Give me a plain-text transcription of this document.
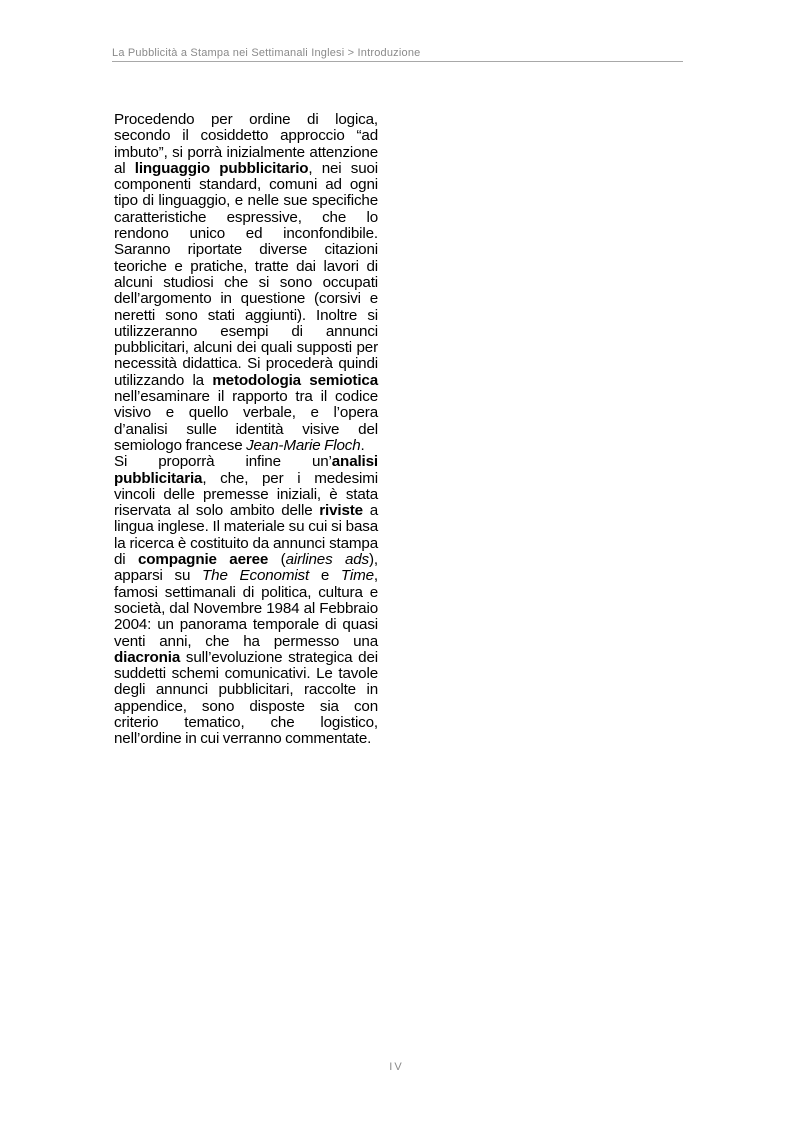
La Pubblicità a Stampa nei Settimanali Inglesi > Introduzione

Procedendo per ordine di logica, secondo il cosiddetto approccio “ad imbuto”, si porrà inizialmente attenzione al linguaggio pubblicitario, nei suoi componenti standard, comuni ad ogni tipo di linguaggio, e nelle sue specifiche caratteristiche espressive, che lo rendono unico ed inconfondibile. Saranno riportate diverse citazioni teoriche e pratiche, tratte dai lavori di alcuni studiosi che si sono occupati dell’argomento in questione (corsivi e neretti sono stati aggiunti). Inoltre si utilizzeranno esempi di annunci pubblicitari, alcuni dei quali supposti per necessità didattica. Si procederà quindi utilizzando la metodologia semiotica nell’esaminare il rapporto tra il codice visivo e quello verbale, e l’opera d’analisi sulle identità visive del semiologo francese Jean-Marie Floch.

Si proporrà infine un’analisi pubblicitaria, che, per i medesimi vincoli delle premesse iniziali, è stata riservata al solo ambito delle riviste a lingua inglese. Il materiale su cui si basa la ricerca è costituito da annunci stampa di compagnie aeree (airlines ads), apparsi su The Economist e Time, famosi settimanali di politica, cultura e società, dal Novembre 1984 al Febbraio 2004: un panorama temporale di quasi venti anni, che ha permesso una diacronia sull’evoluzione strategica dei suddetti schemi comunicativi. Le tavole degli annunci pubblicitari, raccolte in appendice, sono disposte sia con criterio tematico, che logistico, nell’ordine in cui verranno commentate.

IV
